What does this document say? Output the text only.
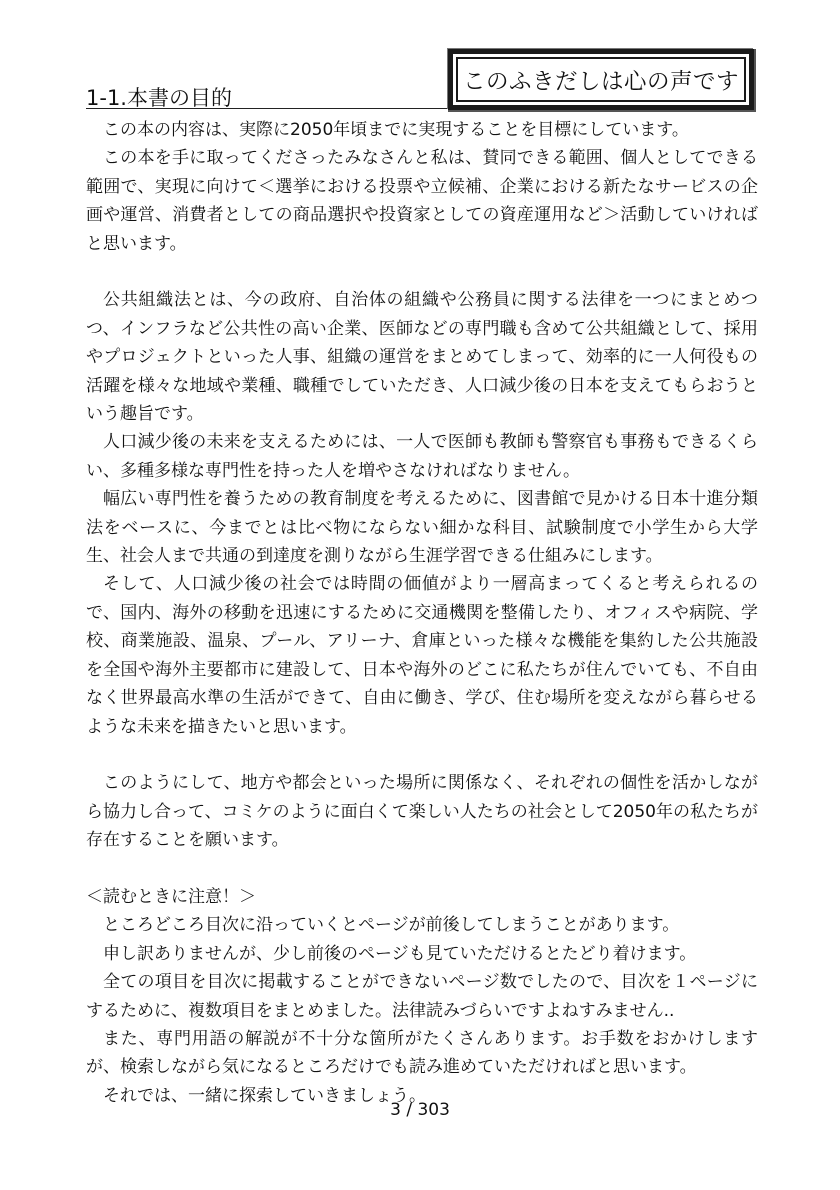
1-1.本書の目的
このふきだしは心の声です

この本の内容は、実際に2050年頃までに実現することを目標にしています。

この本を手に取ってくださったみなさんと私は、賛同できる範囲、個人としてできる範囲で、実現に向けて＜選挙における投票や立候補、企業における新たなサービスの企画や運営、消費者としての商品選択や投資家としての資産運用など＞活動していければと思います。

公共組織法とは、今の政府、自治体の組織や公務員に関する法律を一つにまとめつつ、インフラなど公共性の高い企業、医師などの専門職も含めて公共組織として、採用やプロジェクトといった人事、組織の運営をまとめてしまって、効率的に一人何役もの活躍を様々な地域や業種、職種でしていただき、人口減少後の日本を支えてもらおうという趣旨です。

人口減少後の未来を支えるためには、一人で医師も教師も警察官も事務もできるくらい、多種多様な専門性を持った人を増やさなければなりません。

幅広い専門性を養うための教育制度を考えるために、図書館で見かける日本十進分類法をベースに、今までとは比べ物にならない細かな科目、試験制度で小学生から大学生、社会人まで共通の到達度を測りながら生涯学習できる仕組みにします。

そして、人口減少後の社会では時間の価値がより一層高まってくると考えられるので、国内、海外の移動を迅速にするために交通機関を整備したり、オフィスや病院、学校、商業施設、温泉、プール、アリーナ、倉庫といった様々な機能を集約した公共施設を全国や海外主要都市に建設して、日本や海外のどこに私たちが住んでいても、不自由なく世界最高水準の生活ができて、自由に働き、学び、住む場所を変えながら暮らせるような未来を描きたいと思います。

このようにして、地方や都会といった場所に関係なく、それぞれの個性を活かしながら協力し合って、コミケのように面白くて楽しい人たちの社会として2050年の私たちが存在することを願います。

＜読むときに注意！＞

ところどころ目次に沿っていくとページが前後してしまうことがあります。

申し訳ありませんが、少し前後のページも見ていただけるとたどり着けます。

全ての項目を目次に掲載することができないページ数でしたので、目次を１ページにするために、複数項目をまとめました。法律読みづらいですよねすみません..

また、専門用語の解説が不十分な箇所がたくさんあります。お手数をおかけしますが、検索しながら気になるところだけでも読み進めていただければと思います。

それでは、一緒に探索していきましょう。

3 / 303
